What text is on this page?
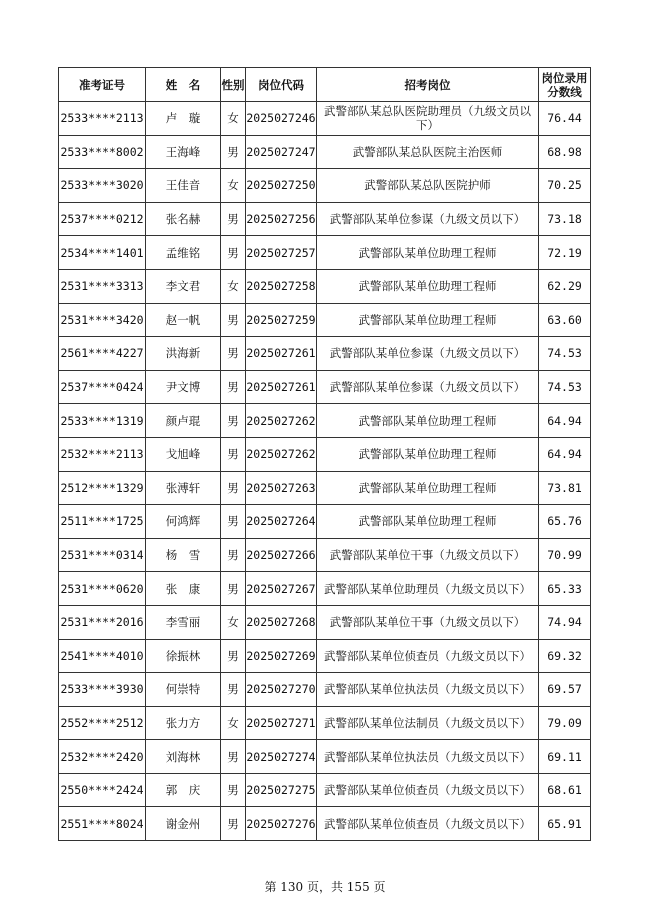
准考证号	姓　名	性别	岗位代码	招考岗位	岗位录用分数线
2533****2113	卢　璇	女	2025027246	武警部队某总队医院助理员（九级文员以下）	76.44
2533****8002	王海峰	男	2025027247	武警部队某总队医院主治医师	68.98
2533****3020	王佳音	女	2025027250	武警部队某总队医院护师	70.25
2537****0212	张名赫	男	2025027256	武警部队某单位参谋（九级文员以下）	73.18
2534****1401	孟维铭	男	2025027257	武警部队某单位助理工程师	72.19
2531****3313	李文君	女	2025027258	武警部队某单位助理工程师	62.29
2531****3420	赵一帆	男	2025027259	武警部队某单位助理工程师	63.60
2561****4227	洪海新	男	2025027261	武警部队某单位参谋（九级文员以下）	74.53
2537****0424	尹文博	男	2025027261	武警部队某单位参谋（九级文员以下）	74.53
2533****1319	颜卢琨	男	2025027262	武警部队某单位助理工程师	64.94
2532****2113	戈旭峰	男	2025027262	武警部队某单位助理工程师	64.94
2512****1329	张溥轩	男	2025027263	武警部队某单位助理工程师	73.81
2511****1725	何鸿辉	男	2025027264	武警部队某单位助理工程师	65.76
2531****0314	杨　雪	男	2025027266	武警部队某单位干事（九级文员以下）	70.99
2531****0620	张　康	男	2025027267	武警部队某单位助理员（九级文员以下）	65.33
2531****2016	李雪丽	女	2025027268	武警部队某单位干事（九级文员以下）	74.94
2541****4010	徐振林	男	2025027269	武警部队某单位侦查员（九级文员以下）	69.32
2533****3930	何崇特	男	2025027270	武警部队某单位执法员（九级文员以下）	69.57
2552****2512	张力方	女	2025027271	武警部队某单位法制员（九级文员以下）	79.09
2532****2420	刘海林	男	2025027274	武警部队某单位执法员（九级文员以下）	69.11
2550****2424	郭　庆	男	2025027275	武警部队某单位侦查员（九级文员以下）	68.61
2551****8024	谢金州	男	2025027276	武警部队某单位侦查员（九级文员以下）	65.91
第 130 页，共 155 页
